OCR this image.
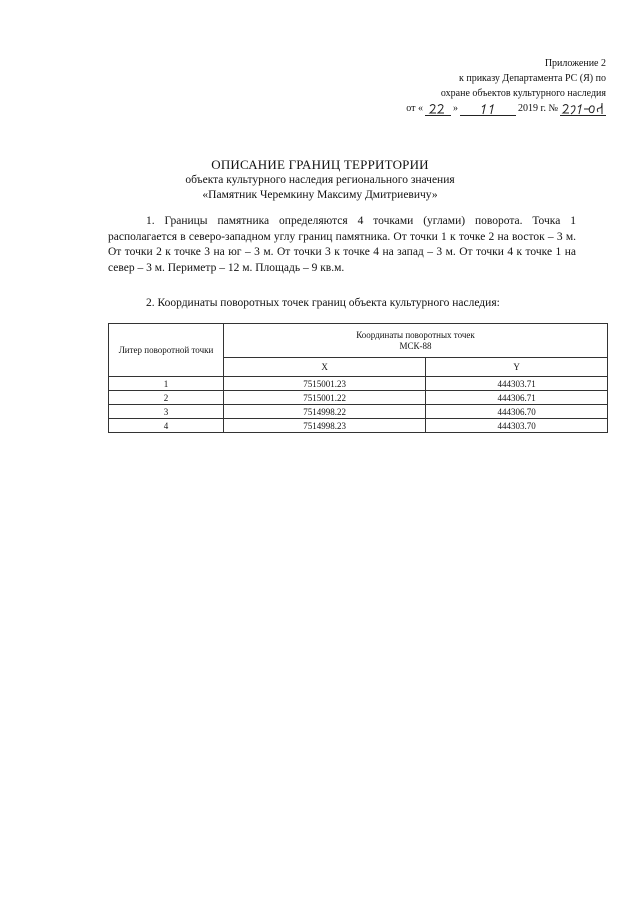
Приложение 2
к приказу Департамента РС (Я) по
охране объектов культурного наследия
от «	»	2019 г. №
ОПИСАНИЕ ГРАНИЦ ТЕРРИТОРИИ
объекта культурного наследия регионального значения
«Памятник Черемкину Максиму Дмитриевичу»
1. Границы памятника определяются 4 точками (углами) поворота. Точка 1 располагается в северо-западном углу границ памятника. От точки 1 к точке 2 на восток – 3 м. От точки 2 к точке 3 на юг – 3 м. От точки 3 к точке 4 на запад – 3 м. От точки 4 к точке 1 на север – 3 м. Периметр – 12 м. Площадь – 9 кв.м.
2. Координаты поворотных точек границ объекта культурного наследия:
Литер поворотной точки	Координаты поворотных точек
МСК-88	

	X	Y
1	7515001.23	444303.71
2	7515001.22	444306.71
3	7514998.22	444306.70
4	7514998.23	444303.70
